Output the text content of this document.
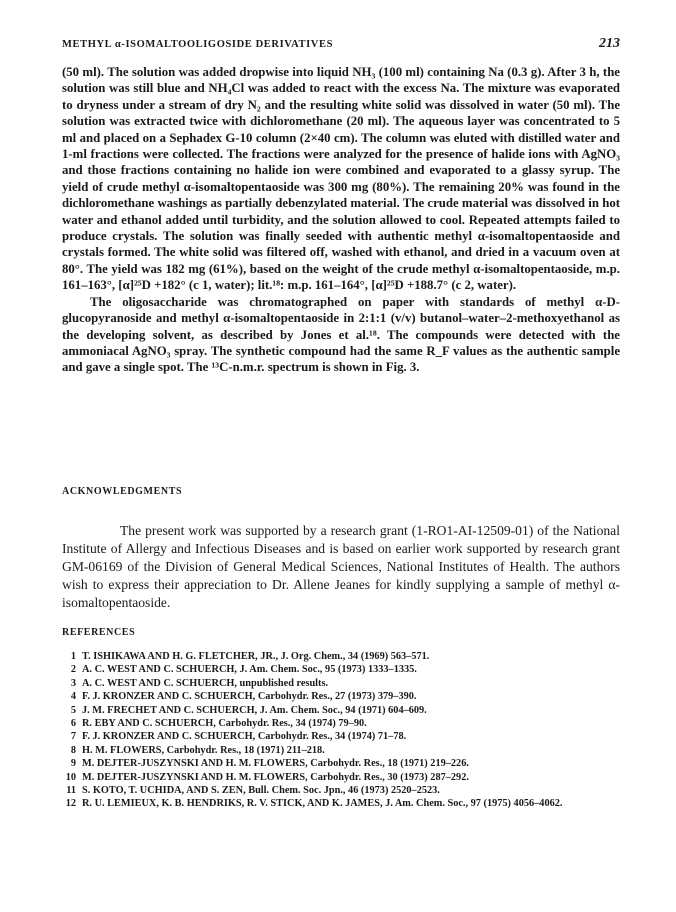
METHYL α-ISOMALTOOLIGOSIDE DERIVATIVES	213

(50 ml). The solution was added dropwise into liquid NH₃ (100 ml) containing Na (0.3 g). After 3 h, the solution was still blue and NH₄Cl was added to react with the excess Na. The mixture was evaporated to dryness under a stream of dry N₂ and the resulting white solid was dissolved in water (50 ml). The solution was extracted twice with dichloromethane (20 ml). The aqueous layer was concentrated to 5 ml and placed on a Sephadex G-10 column (2×40 cm). The column was eluted with distilled water and 1-ml fractions were collected. The fractions were analyzed for the presence of halide ions with AgNO₃ and those fractions containing no halide ion were combined and evaporated to a glassy syrup. The yield of crude methyl α-isomaltopentaoside was 300 mg (80%). The remaining 20% was found in the dichloromethane washings as partially debenzylated material. The crude material was dissolved in hot water and ethanol added until turbidity, and the solution allowed to cool. Repeated attempts failed to produce crystals. The solution was finally seeded with authentic methyl α-isomaltopentaoside and crystals formed. The white solid was filtered off, washed with ethanol, and dried in a vacuum oven at 80°. The yield was 182 mg (61%), based on the weight of the crude methyl α-isomaltopentaoside, m.p. 161–163°, [α]²⁵D +182° (c 1, water); lit.¹⁸: m.p. 161–164°, [α]²⁵D +188.7° (c 2, water).

The oligosaccharide was chromatographed on paper with standards of methyl α-D-glucopyranoside and methyl α-isomaltopentaoside in 2:1:1 (v/v) butanol–water–2-methoxyethanol as the developing solvent, as described by Jones et al.¹⁸. The compounds were detected with the ammoniacal AgNO₃ spray. The synthetic compound had the same R_F values as the authentic sample and gave a single spot. The ¹³C-n.m.r. spectrum is shown in Fig. 3.

ACKNOWLEDGMENTS

The present work was supported by a research grant (1-RO1-AI-12509-01) of the National Institute of Allergy and Infectious Diseases and is based on earlier work supported by research grant GM-06169 of the Division of General Medical Sciences, National Institutes of Health. The authors wish to express their appreciation to Dr. Allene Jeanes for kindly supplying a sample of methyl α-isomaltopentaoside.

REFERENCES
1 T. ISHIKAWA AND H. G. FLETCHER, JR., J. Org. Chem., 34 (1969) 563–571.
2 A. C. WEST AND C. SCHUERCH, J. Am. Chem. Soc., 95 (1973) 1333–1335.
3 A. C. WEST AND C. SCHUERCH, unpublished results.
4 F. J. KRONZER AND C. SCHUERCH, Carbohydr. Res., 27 (1973) 379–390.
5 J. M. FRECHET AND C. SCHUERCH, J. Am. Chem. Soc., 94 (1971) 604–609.
6 R. EBY AND C. SCHUERCH, Carbohydr. Res., 34 (1974) 79–90.
7 F. J. KRONZER AND C. SCHUERCH, Carbohydr. Res., 34 (1974) 71–78.
8 H. M. FLOWERS, Carbohydr. Res., 18 (1971) 211–218.
9 M. DEJTER-JUSZYNSKI AND H. M. FLOWERS, Carbohydr. Res., 18 (1971) 219–226.
10 M. DEJTER-JUSZYNSKI AND H. M. FLOWERS, Carbohydr. Res., 30 (1973) 287–292.
11 S. KOTO, T. UCHIDA, AND S. ZEN, Bull. Chem. Soc. Jpn., 46 (1973) 2520–2523.
12 R. U. LEMIEUX, K. B. HENDRIKS, R. V. STICK, AND K. JAMES, J. Am. Chem. Soc., 97 (1975) 4056–4062.
